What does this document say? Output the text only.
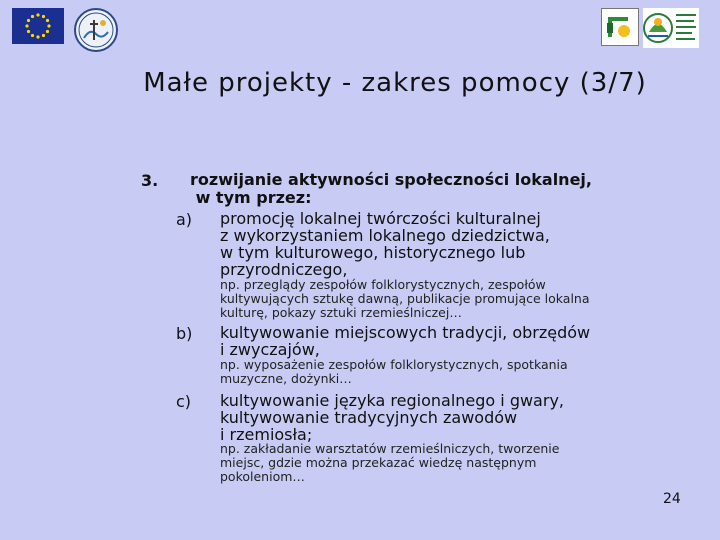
Małe projekty - zakres pomocy (3/7)
3. rozwijanie aktywności społeczności lokalnej,
w tym przez:
a) promocję lokalnej twórczości kulturalnej
z wykorzystaniem lokalnego dziedzictwa,
w tym kulturowego, historycznego lub
przyrodniczego,
np. przeglądy zespołów folklorystycznych, zespołów
kultywujących sztukę dawną, publikacje promujące lokalna
kulturę, pokazy sztuki rzemieślniczej…
b) kultywowanie miejscowych tradycji, obrzędów
i zwyczajów,
np. wyposażenie zespołów folklorystycznych, spotkania
muzyczne, dożynki…
c) kultywowanie języka regionalnego i gwary,
kultywowanie tradycyjnych zawodów
i rzemiosła;
np. zakładanie warsztatów rzemieślniczych, tworzenie
miejsc, gdzie można przekazać wiedzę następnym
pokoleniom…
24
